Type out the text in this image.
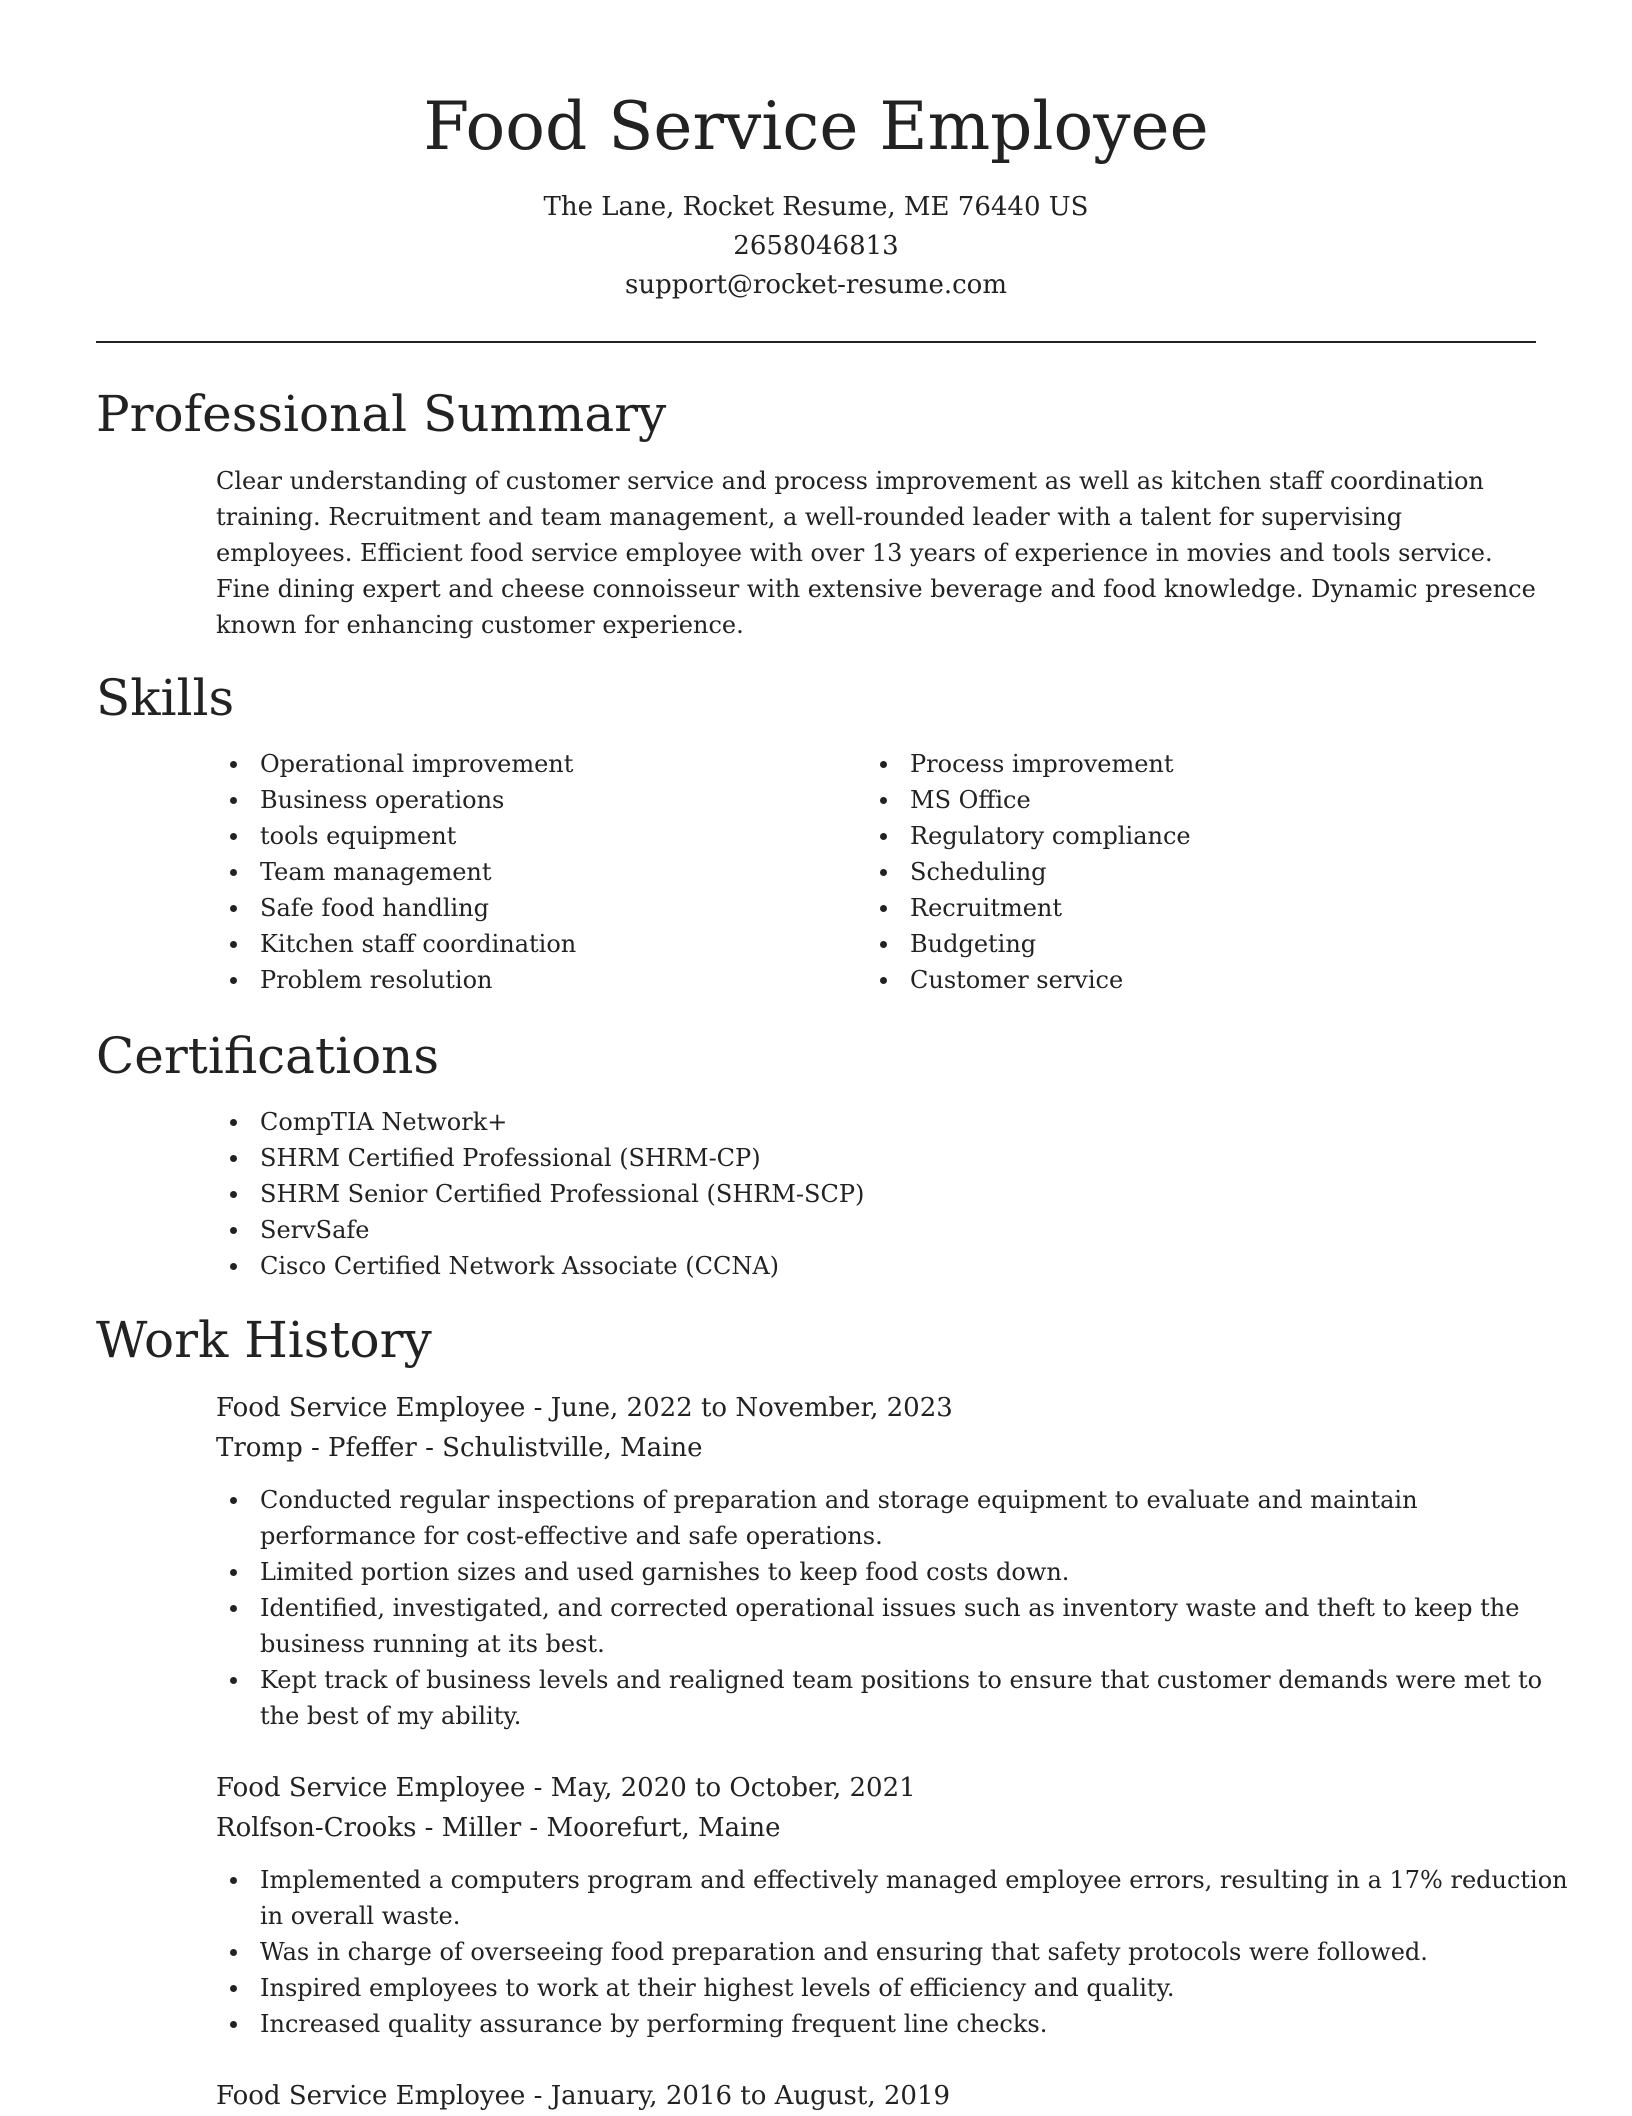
Food Service Employee
The Lane, Rocket Resume, ME 76440 US
2658046813
support@rocket-resume.com
Professional Summary

Clear understanding of customer service and process improvement as well as kitchen staff coordination training. Recruitment and team management, a well-rounded leader with a talent for supervising employees. Efficient food service employee with over 13 years of experience in movies and tools service. Fine dining expert and cheese connoisseur with extensive beverage and food knowledge. Dynamic presence known for enhancing customer experience.

Skills
Operational improvement
Business operations
tools equipment
Team management
Safe food handling
Kitchen staff coordination
Problem resolution
Process improvement
MS Office
Regulatory compliance
Scheduling
Recruitment
Budgeting
Customer service
Certifications
CompTIA Network+
SHRM Certified Professional (SHRM-CP)
SHRM Senior Certified Professional (SHRM-SCP)
ServSafe
Cisco Certified Network Associate (CCNA)
Work History
Food Service Employee - June, 2022 to November, 2023
Tromp - Pfeffer - Schulistville, Maine
Conducted regular inspections of preparation and storage equipment to evaluate and maintain performance for cost-effective and safe operations.
Limited portion sizes and used garnishes to keep food costs down.
Identified, investigated, and corrected operational issues such as inventory waste and theft to keep the business running at its best.
Kept track of business levels and realigned team positions to ensure that customer demands were met to the best of my ability.
Food Service Employee - May, 2020 to October, 2021
Rolfson-Crooks - Miller - Moorefurt, Maine
Implemented a computers program and effectively managed employee errors, resulting in a 17% reduction in overall waste.
Was in charge of overseeing food preparation and ensuring that safety protocols were followed.
Inspired employees to work at their highest levels of efficiency and quality.
Increased quality assurance by performing frequent line checks.
Food Service Employee - January, 2016 to August, 2019
